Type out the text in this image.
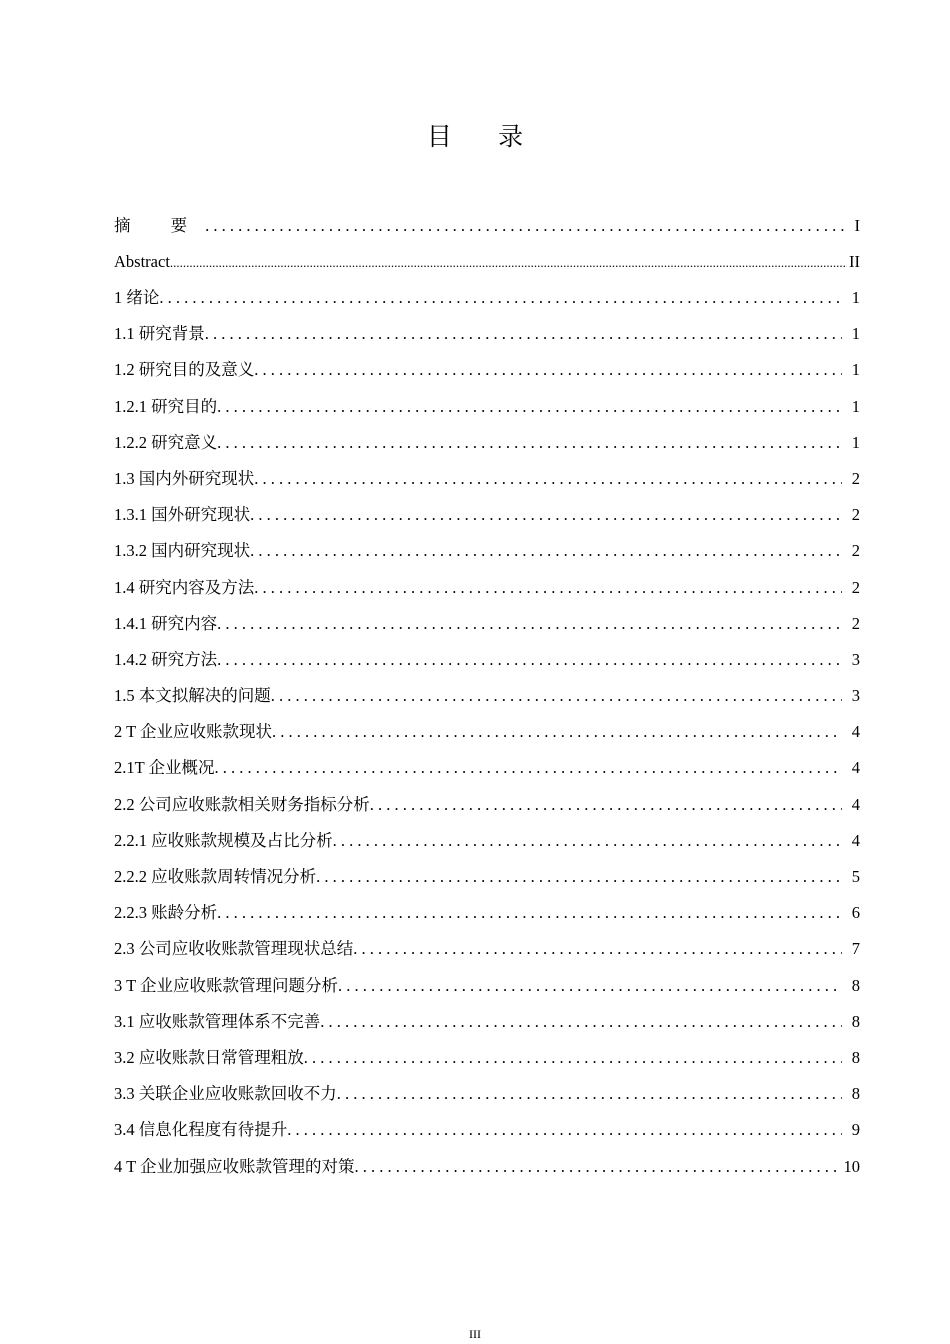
目 录
摘 要 . . .	I
Abstract .....	II
1 绪论 . . .	1
1.1 研究背景 . . .	1
1.2 研究目的及意义 . . .	1
1.2.1 研究目的 . . .	1
1.2.2 研究意义 . . .	1
1.3 国内外研究现状 . . .	2
1.3.1 国外研究现状 . . .	2
1.3.2 国内研究现状 . . .	2
1.4 研究内容及方法 . . .	2
1.4.1 研究内容 . . .	2
1.4.2 研究方法 . . .	3
1.5 本文拟解决的问题 . . .	3
2 T 企业应收账款现状 . . .	4
2.1T 企业概况 . . .	4
2.2 公司应收账款相关财务指标分析 . . .	4
2.2.1 应收账款规模及占比分析 . . .	4
2.2.2 应收账款周转情况分析 . . .	5
2.2.3 账龄分析 . . .	6
2.3 公司应收收账款管理现状总结 . . .	7
3 T 企业应收账款管理问题分析 . . .	8
3.1 应收账款管理体系不完善 . . .	8
3.2 应收账款日常管理粗放 . . .	8
3.3 关联企业应收账款回收不力 . . .	8
3.4 信息化程度有待提升 . . .	9
4 T 企业加强应收账款管理的对策 . . .	10
III
